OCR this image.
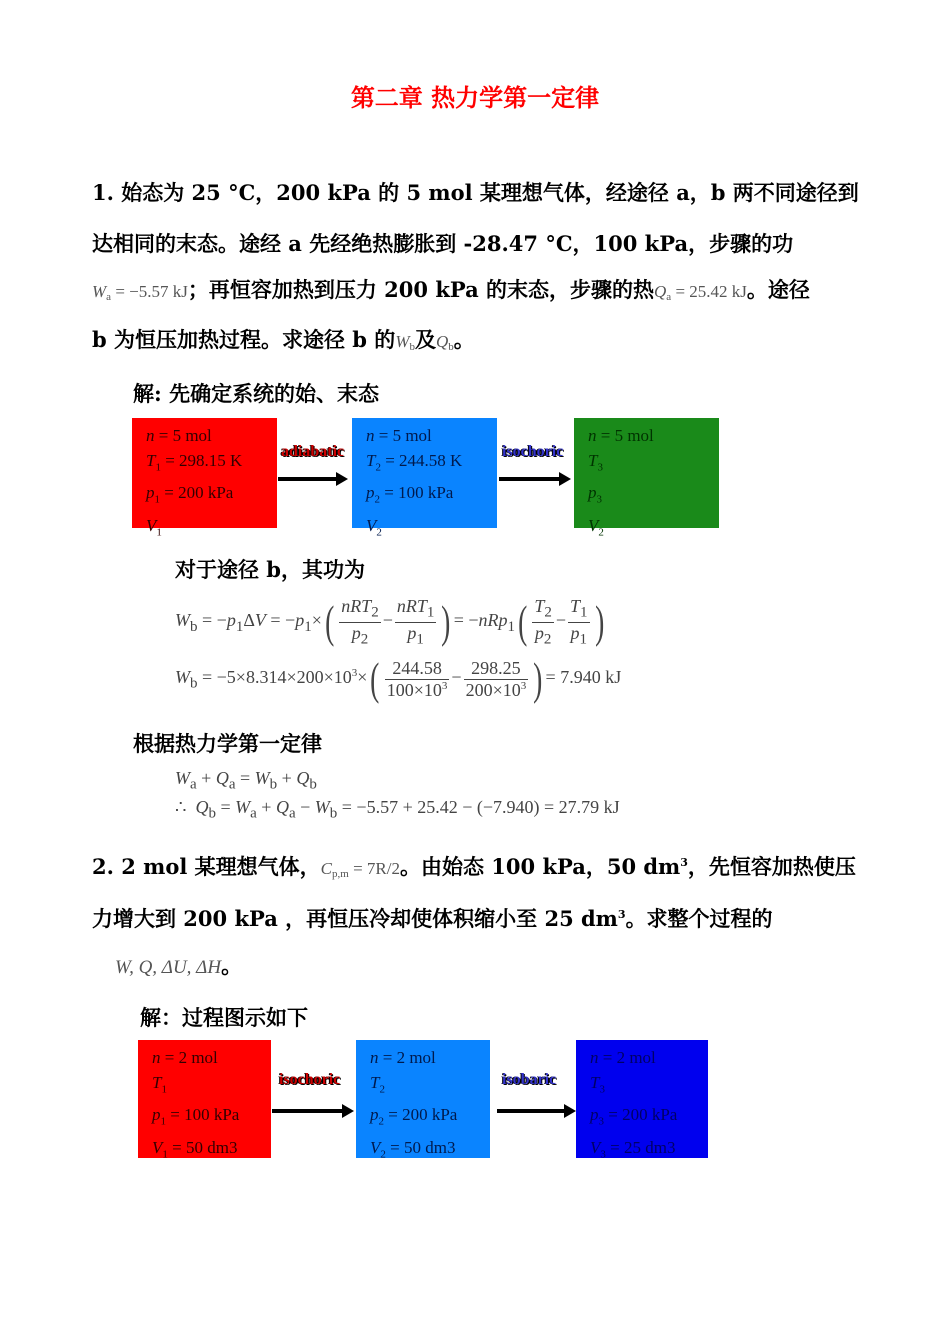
第二章 热力学第一定律
1. 始态为 25 °C，200 kPa 的 5 mol 某理想气体，经途径 a，b 两不同途径到
达相同的末态。途经 a 先经绝热膨胀到 -28.47 °C，100 kPa，步骤的功
$W_a = -5.57$ kJ；再恒容加热到压力 200 kPa 的末态，步骤的热$Q_a = 25.42$ kJ。途径
b 为恒压加热过程。求途径 b 的$W_b$及$Q_b$。
解: 先确定系统的始、末态
n = 5 mol
$T_1 = 298.15$ K
$p_1 = 200$ kPa
$V_1$
adiabatic
n = 5 mol
$T_2 = 244.58$ K
$p_2 = 100$ kPa
$V_2$
isochoric
n = 5 mol
$T_3$
$p_3$
$V_2$
对于途径 b，其功为
$W_b = -p_1\Delta V = -p_1\times( \frac{nRT_2}{p_2} - \frac{nRT_1}{p_1}$ ) = $-nRp_1( \frac{T_2}{p_2} - \frac{T_1}{p_1}$ )
$W_b = -5\times 8.314\times 200\times 10^3\times( \frac{244.58}{100\times 10^3} - \frac{298.25}{200\times 10^3}$ ) = 7.940 kJ
根据热力学第一定律
$W_a + Q_a = W_b + Q_b$
∴  $Q_b = W_a + Q_a - W_b = -5.57 + 25.42 - (-7.940) = 27.79$ kJ
2. 2 mol 某理想气体，$C_{p,m} = 7R/2$。由始态 100 kPa，50 $dm^3$，先恒容加热使压
力增大到 200 kPa ，再恒压冷却使体积缩小至 25 $dm^3$。求整个过程的
W, Q, ΔU, ΔH。
解：过程图示如下
n = 2 mol
$T_1$
$p_1 = 100$ kPa
$V_1 = 50$ dm3
isochoric
n = 2 mol
$T_2$
$p_2 = 200$ kPa
$V_2 = 50$ dm3
isobaric
n = 2 mol
$T_3$
$p_3 = 200$ kPa
$V_3 = 25$ dm3
